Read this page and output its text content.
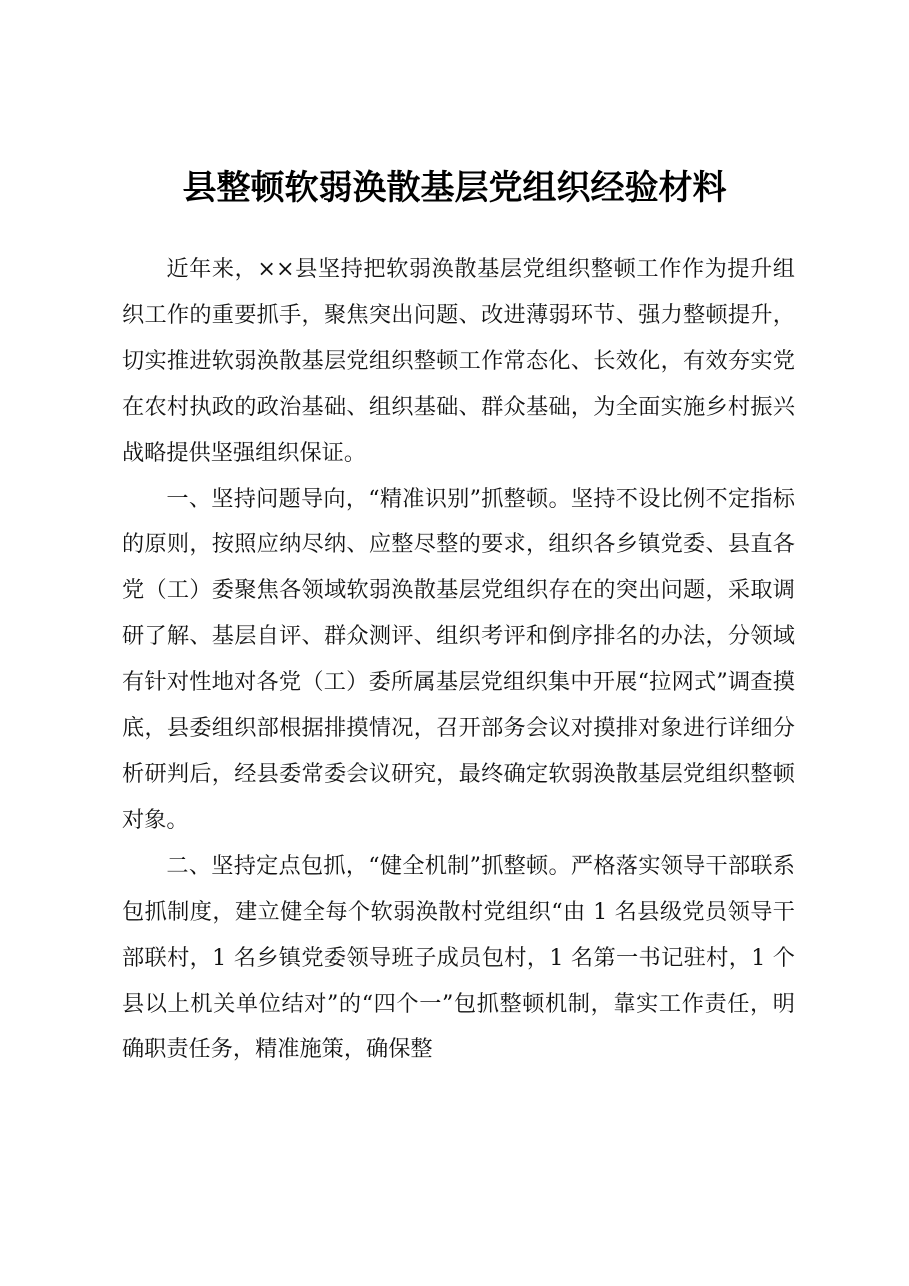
县整顿软弱涣散基层党组织经验材料

近年来，××县坚持把软弱涣散基层党组织整顿工作作为提升组织工作的重要抓手，聚焦突出问题、改进薄弱环节、强力整顿提升，切实推进软弱涣散基层党组织整顿工作常态化、长效化，有效夯实党在农村执政的政治基础、组织基础、群众基础，为全面实施乡村振兴战略提供坚强组织保证。

一、坚持问题导向，“精准识别”抓整顿。坚持不设比例不定指标的原则，按照应纳尽纳、应整尽整的要求，组织各乡镇党委、县直各党（工）委聚焦各领域软弱涣散基层党组织存在的突出问题，采取调研了解、基层自评、群众测评、组织考评和倒序排名的办法，分领域有针对性地对各党（工）委所属基层党组织集中开展“拉网式”调查摸底，县委组织部根据排摸情况，召开部务会议对摸排对象进行详细分析研判后，经县委常委会议研究，最终确定软弱涣散基层党组织整顿对象。

二、坚持定点包抓，“健全机制”抓整顿。严格落实领导干部联系包抓制度，建立健全每个软弱涣散村党组织“由 1 名县级党员领导干部联村，1 名乡镇党委领导班子成员包村，1 名第一书记驻村，1 个县以上机关单位结对”的“四个一”包抓整顿机制，靠实工作责任，明确职责任务，精准施策，确保整
